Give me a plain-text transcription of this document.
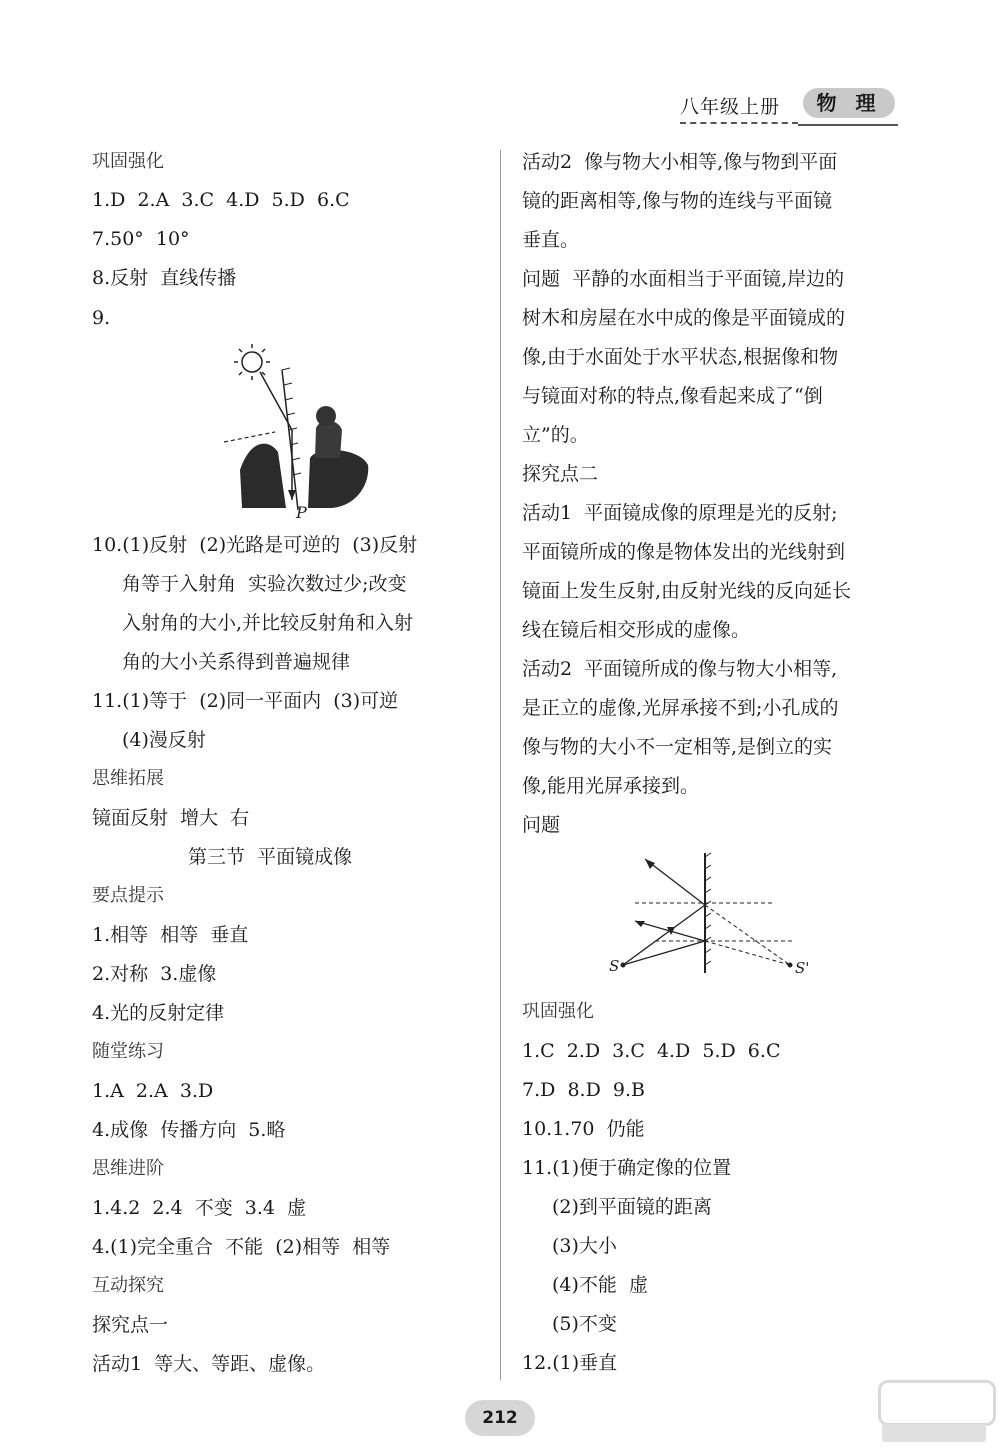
八年级上册	物 理
巩固强化
1.D  2.A  3.C  4.D  5.D  6.C
7.50°  10°
8.反射  直线传播
9.
10.(1)反射  (2)光路是可逆的  (3)反射
角等于入射角  实验次数过少;改变
入射角的大小,并比较反射角和入射
角的大小关系得到普遍规律
11.(1)等于  (2)同一平面内  (3)可逆
(4)漫反射
思维拓展
镜面反射  增大  右
第三节  平面镜成像
要点提示
1.相等  相等  垂直
2.对称  3.虚像
4.光的反射定律
随堂练习
1.A  2.A  3.D
4.成像  传播方向  5.略
思维进阶
1.4.2  2.4  不变  3.4  虚
4.(1)完全重合  不能  (2)相等  相等
互动探究
探究点一
活动1  等大、等距、虚像。
活动2  像与物大小相等,像与物到平面
镜的距离相等,像与物的连线与平面镜
垂直。
问题  平静的水面相当于平面镜,岸边的
树木和房屋在水中成的像是平面镜成的
像,由于水面处于水平状态,根据像和物
与镜面对称的特点,像看起来成了“倒
立”的。
探究点二
活动1  平面镜成像的原理是光的反射;
平面镜所成的像是物体发出的光线射到
镜面上发生反射,由反射光线的反向延长
线在镜后相交形成的虚像。
活动2  平面镜所成的像与物大小相等,
是正立的虚像,光屏承接不到;小孔成的
像与物的大小不一定相等,是倒立的实
像,能用光屏承接到。
问题
巩固强化
1.C  2.D  3.C  4.D  5.D  6.C
7.D  8.D  9.B
10.1.70  仍能
11.(1)便于确定像的位置
(2)到平面镜的距离
(3)大小
(4)不能  虚
(5)不变
12.(1)垂直
P
S	S'
212
